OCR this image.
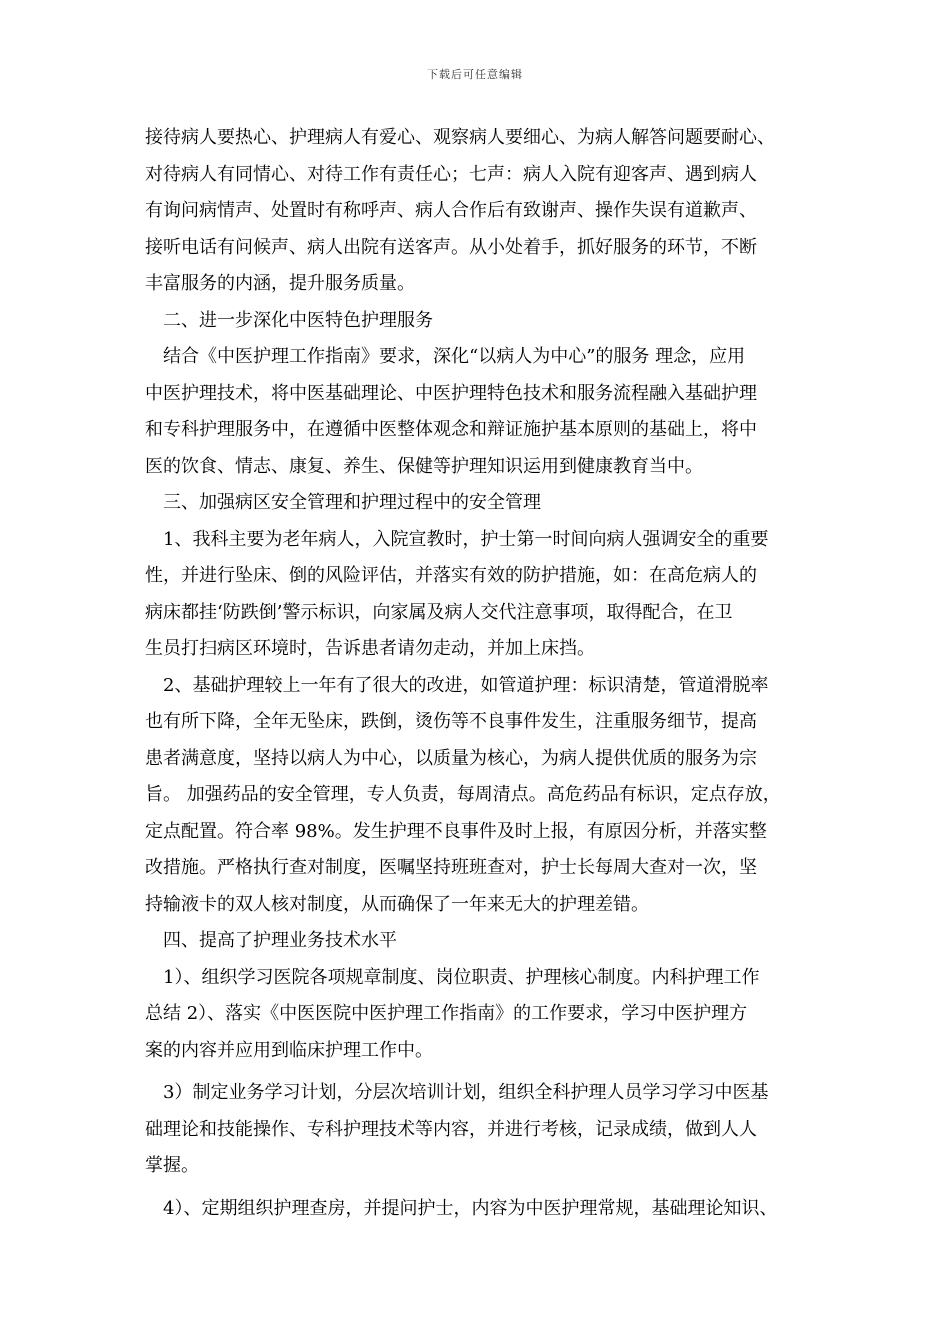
下载后可任意编辑
接待病人要热心、护理病人有爱心、观察病人要细心、为病人解答问题要耐心、
对待病人有同情心、对待工作有责任心；七声：病人入院有迎客声、遇到病人
有询问病情声、处置时有称呼声、病人合作后有致谢声、操作失误有道歉声、
接听电话有问候声、病人出院有送客声。从小处着手，抓好服务的环节，不断
丰富服务的内涵，提升服务质量。
二、进一步深化中医特色护理服务
结合《中医护理工作指南》要求，深化“以病人为中心”的服务 理念，应用
中医护理技术，将中医基础理论、中医护理特色技术和服务流程融入基础护理
和专科护理服务中，在遵循中医整体观念和辩证施护基本原则的基础上，将中
医的饮食、情志、康复、养生、保健等护理知识运用到健康教育当中。
三、加强病区安全管理和护理过程中的安全管理
1、我科主要为老年病人，入院宣教时，护士第一时间向病人强调安全的重要
性，并进行坠床、倒的风险评估，并落实有效的防护措施，如：在高危病人的
病床都挂‘防跌倒’警示标识，向家属及病人交代注意事项，取得配合，在卫
生员打扫病区环境时，告诉患者请勿走动，并加上床挡。
2、基础护理较上一年有了很大的改进，如管道护理：标识清楚，管道滑脱率
也有所下降，全年无坠床，跌倒，烫伤等不良事件发生，注重服务细节，提高
患者满意度，坚持以病人为中心，以质量为核心，为病人提供优质的服务为宗
旨。 加强药品的安全管理，专人负责，每周清点。高危药品有标识，定点存放，
定点配置。符合率 98%。发生护理不良事件及时上报，有原因分析，并落实整
改措施。严格执行查对制度，医嘱坚持班班查对，护士长每周大查对一次，坚
持输液卡的双人核对制度，从而确保了一年来无大的护理差错。
四、提高了护理业务技术水平
1）、组织学习医院各项规章制度、岗位职责、护理核心制度。内科护理工作
总结 2）、落实《中医医院中医护理工作指南》的工作要求，学习中医护理方
案的内容并应用到临床护理工作中。
3）制定业务学习计划，分层次培训计划，组织全科护理人员学习学习中医基
础理论和技能操作、专科护理技术等内容，并进行考核，记录成绩，做到人人
掌握。
4）、定期组织护理查房，并提问护士，内容为中医护理常规，基础理论知识、
